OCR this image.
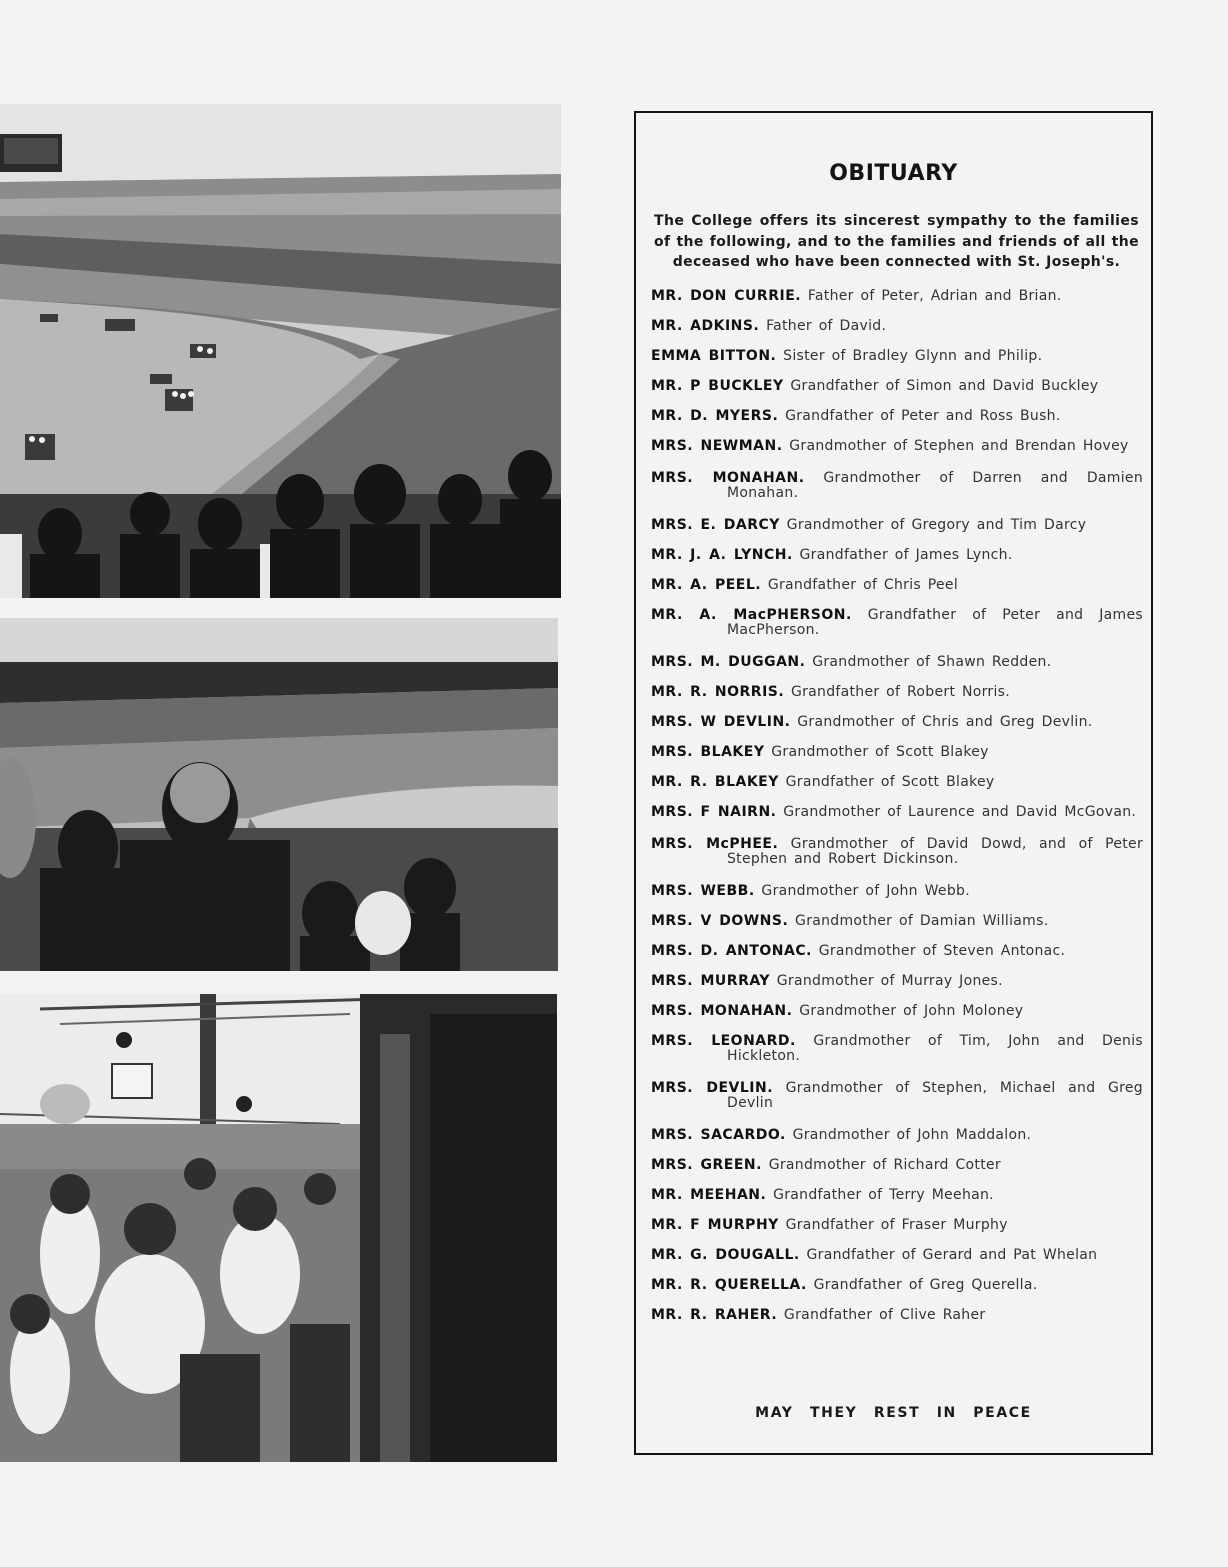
OBITUARY

The College offers its sincerest sympathy to the families of the following, and to the families and friends of all the deceased who have been connected with St. Joseph's.

MR. DON CURRIE. Father of Peter, Adrian and Brian.
MR. ADKINS. Father of David.
EMMA BITTON. Sister of Bradley Glynn and Philip.
MR. P BUCKLEY Grandfather of Simon and David Buckley
MR. D. MYERS. Grandfather of Peter and Ross Bush.
MRS. NEWMAN. Grandmother of Stephen and Brendan Hovey
MRS. MONAHAN. Grandmother of Darren and Damien Monahan.
MRS. E. DARCY Grandmother of Gregory and Tim Darcy
MR. J. A. LYNCH. Grandfather of James Lynch.
MR. A. PEEL. Grandfather of Chris Peel
MR. A. MacPHERSON. Grandfather of Peter and James MacPherson.
MRS. M. DUGGAN. Grandmother of Shawn Redden.
MR. R. NORRIS. Grandfather of Robert Norris.
MRS. W DEVLIN. Grandmother of Chris and Greg Devlin.
MRS. BLAKEY Grandmother of Scott Blakey
MR. R. BLAKEY Grandfather of Scott Blakey
MRS. F NAIRN. Grandmother of Laurence and David McGovan.
MRS. McPHEE. Grandmother of David Dowd, and of Peter Stephen and Robert Dickinson.
MRS. WEBB. Grandmother of John Webb.
MRS. V DOWNS. Grandmother of Damian Williams.
MRS. D. ANTONAC. Grandmother of Steven Antonac.
MRS. MURRAY Grandmother of Murray Jones.
MRS. MONAHAN. Grandmother of John Moloney
MRS. LEONARD. Grandmother of Tim, John and Denis Hickleton.
MRS. DEVLIN. Grandmother of Stephen, Michael and Greg Devlin
MRS. SACARDO. Grandmother of John Maddalon.
MRS. GREEN. Grandmother of Richard Cotter
MR. MEEHAN. Grandfather of Terry Meehan.
MR. F MURPHY Grandfather of Fraser Murphy
MR. G. DOUGALL. Grandfather of Gerard and Pat Whelan
MR. R. QUERELLA. Grandfather of Greg Querella.
MR. R. RAHER. Grandfather of Clive Raher

MAY THEY REST IN PEACE
